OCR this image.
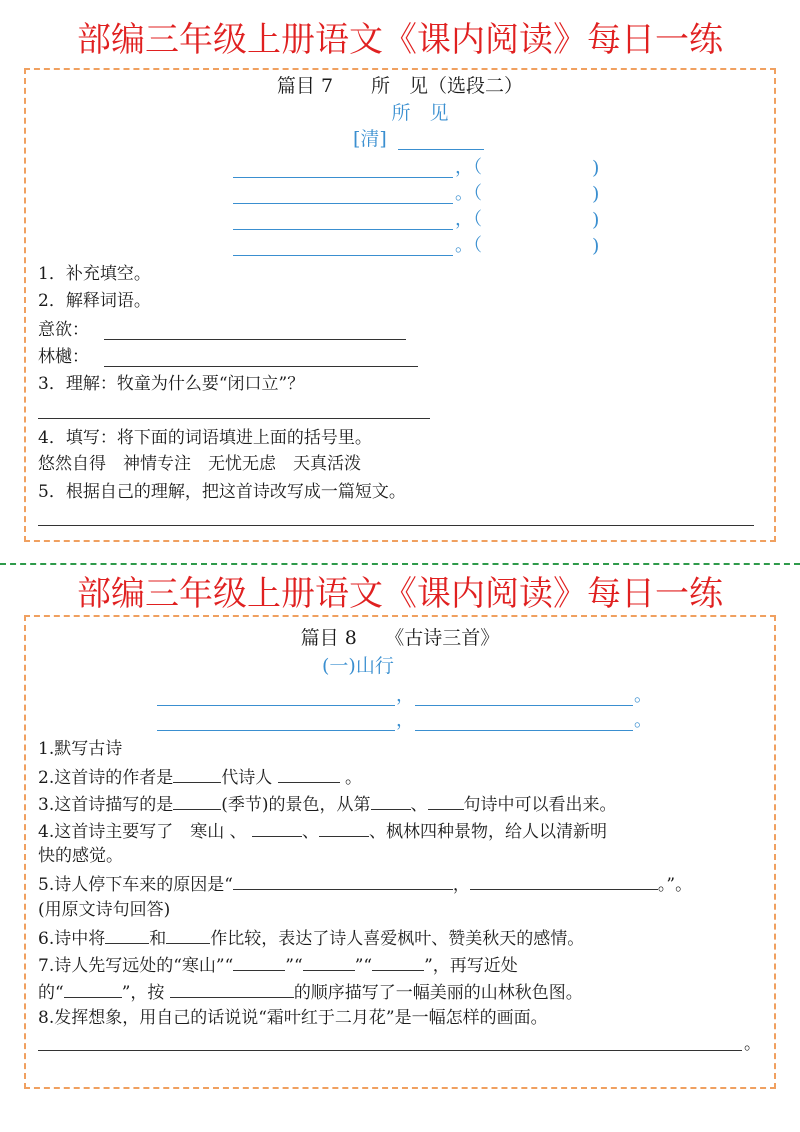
部编三年级上册语文《课内阅读》每日一练
篇目 7　　所　见（选段二）
所　见
[清]
，（	)
。（	)
，（	)
。（	)
1．补充填空。
2．解释词语。
意欲：
林樾：
3．理解：牧童为什么要“闭口立”？
4．填写：将下面的词语填进上面的括号里。
悠然自得　神情专注　无忧无虑　天真活泼
5．根据自己的理解，把这首诗改写成一篇短文。
部编三年级上册语文《课内阅读》每日一练
篇目 8　　《古诗三首》
(一)山行
，	。
，	。
1.默写古诗
2.这首诗的作者是	代诗人	。
3.这首诗描写的是	(季节)的景色，从第 、 句诗中可以看出来。
4.这首诗主要写了　寒山 、	、	、枫林四种景物，给人以清新明
快的感觉。
5.诗人停下车来的原因是“	，	。”。
(用原文诗句回答)
6.诗中将	和	作比较，表达了诗人喜爱枫叶、赞美秋天的感情。
7.诗人先写远处的“寒山”“	”“	”“	”，再写近处
的“	”，按	的顺序描写了一幅美丽的山林秋色图。
8.发挥想象，用自己的话说说“霜叶红于二月花”是一幅怎样的画面。
。
